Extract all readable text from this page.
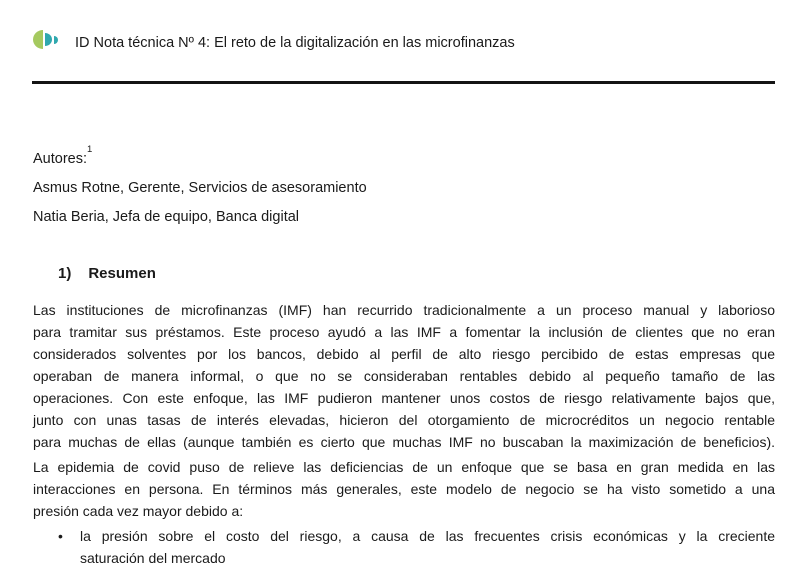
ID Nota técnica Nº 4: El reto de la digitalización en las microfinanzas
Autores:$^1$
Asmus Rotne, Gerente, Servicios de asesoramiento
Natia Beria, Jefa de equipo, Banca digital
1) Resumen
Las instituciones de microfinanzas (IMF) han recurrido tradicionalmente a un proceso manual y laborioso
para tramitar sus préstamos. Este proceso ayudó a las IMF a fomentar la inclusión de clientes que no eran
considerados solventes por los bancos, debido al perfil de alto riesgo percibido de estas empresas que
operaban de manera informal, o que no se consideraban rentables debido al pequeño tamaño de las
operaciones. Con este enfoque, las IMF pudieron mantener unos costos de riesgo relativamente bajos que,
junto con unas tasas de interés elevadas, hicieron del otorgamiento de microcréditos un negocio rentable
para muchas de ellas (aunque también es cierto que muchas IMF no buscaban la maximización de beneficios).
La epidemia de covid puso de relieve las deficiencias de un enfoque que se basa en gran medida en las
interacciones en persona. En términos más generales, este modelo de negocio se ha visto sometido a una
presión cada vez mayor debido a:
• la presión sobre el costo del riesgo, a causa de las frecuentes crisis económicas y la creciente
saturación del mercado
